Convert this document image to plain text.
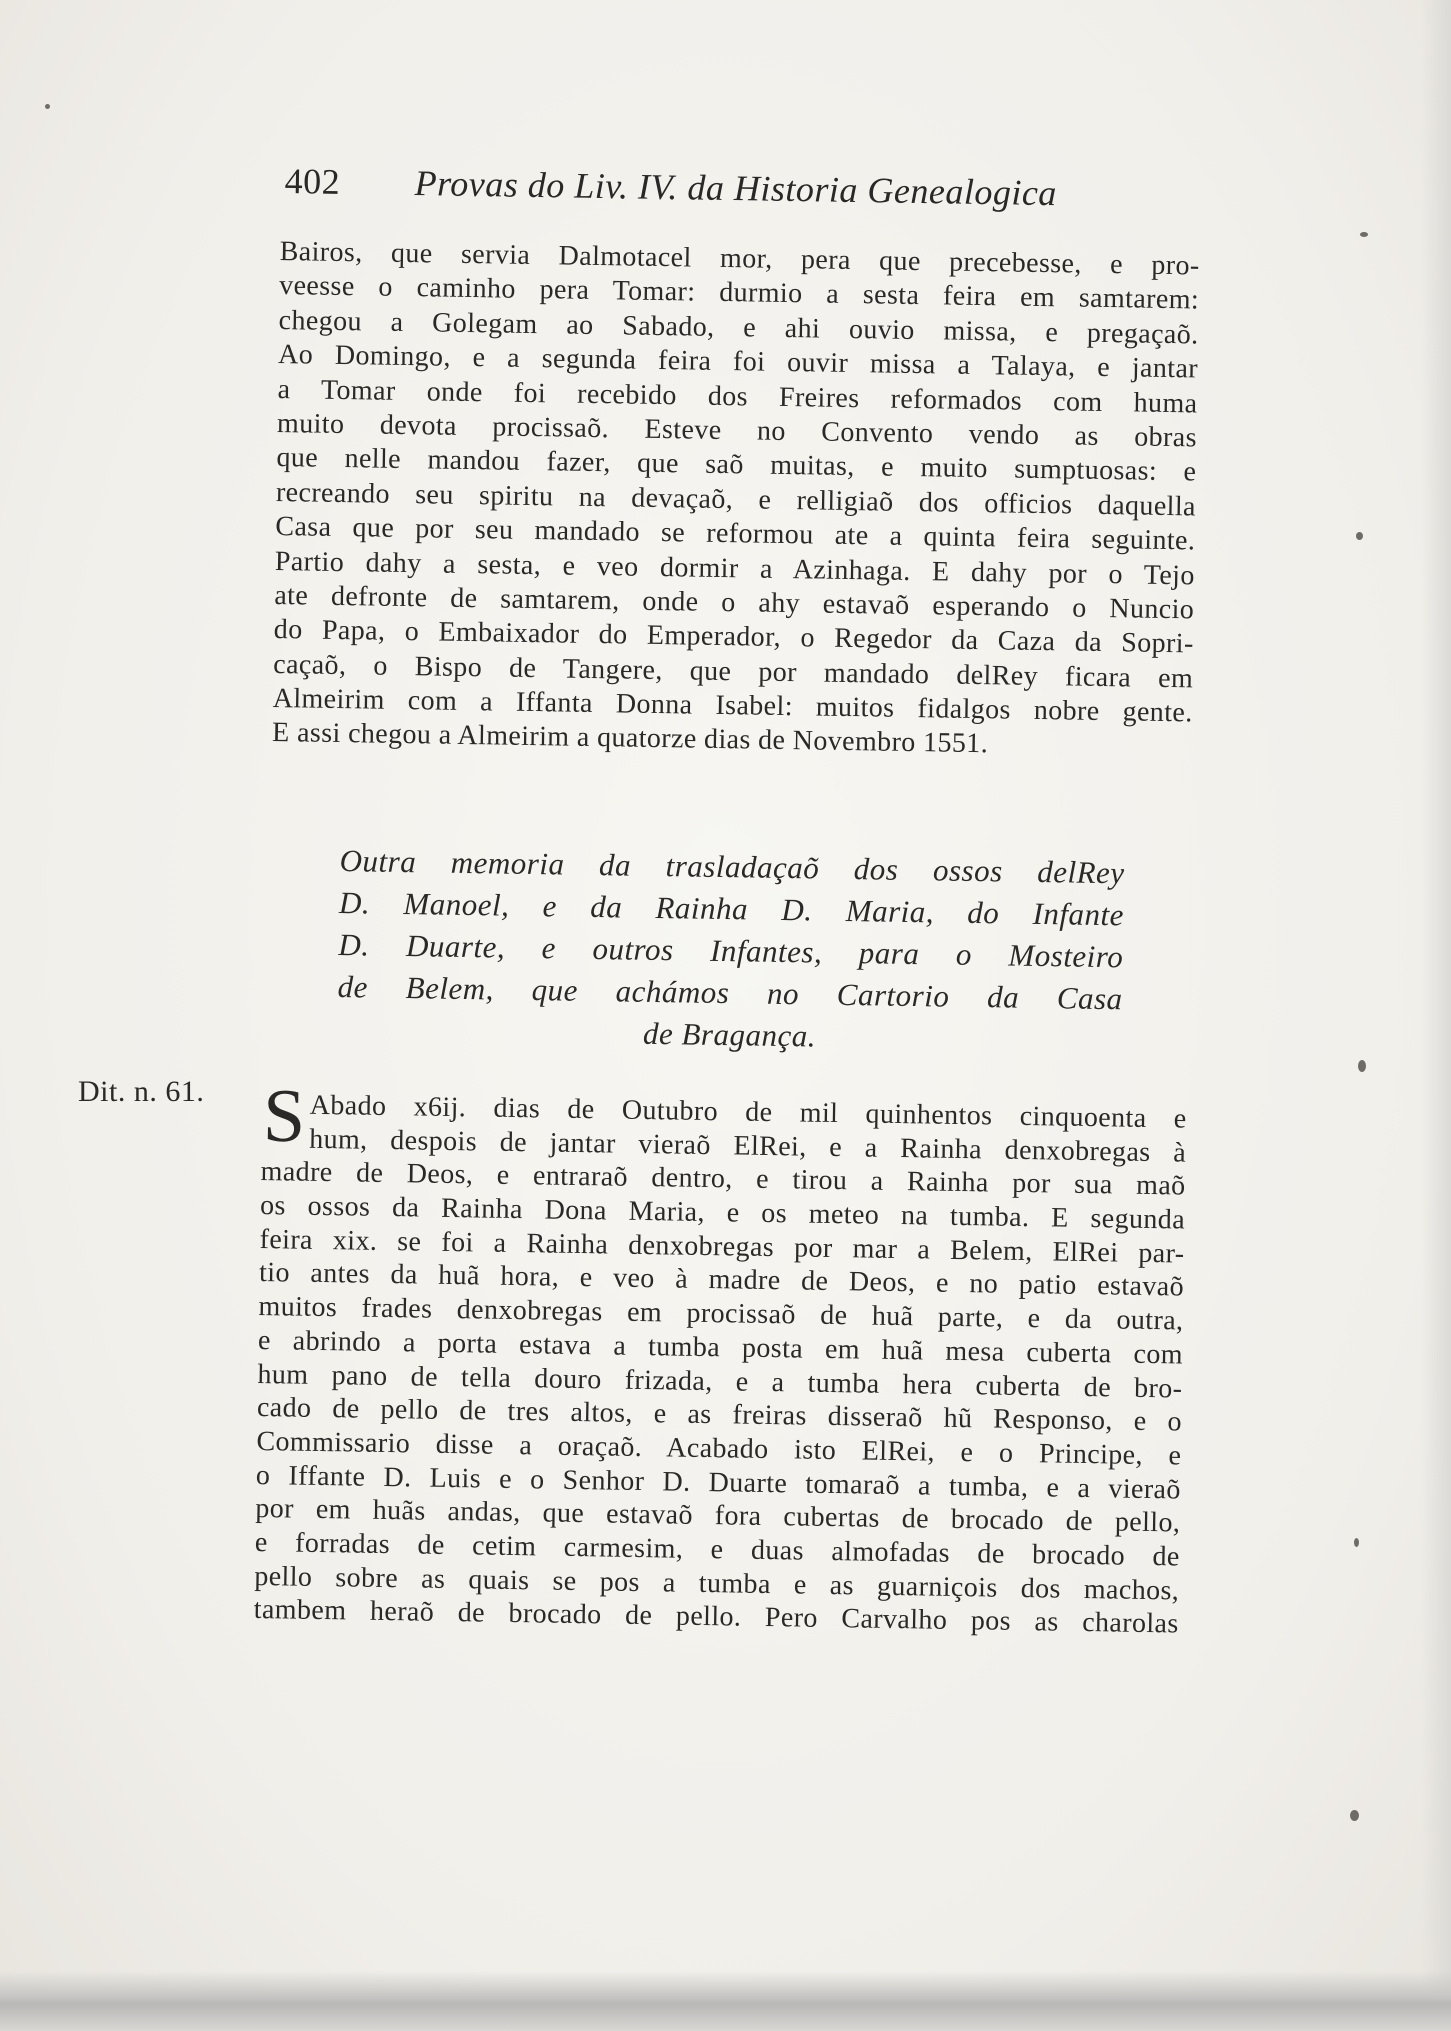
402 Provas do Liv. IV. da Historia Genealogica
Bairos, que servia Dalmotacel mor, pera que precebesse, e pro-
veesse o caminho pera Tomar: durmio a sesta feira em samtarem:
chegou a Golegam ao Sabado, e ahi ouvio missa, e pregaçaõ.
Ao Domingo, e a segunda feira foi ouvir missa a Talaya, e jantar
a Tomar onde foi recebido dos Freires reformados com huma
muito devota procissaõ. Esteve no Convento vendo as obras
que nelle mandou fazer, que saõ muitas, e muito sumptuosas: e
recreando seu spiritu na devaçaõ, e relligiaõ dos officios daquella
Casa que por seu mandado se reformou ate a quinta feira seguinte.
Partio dahy a sesta, e veo dormir a Azinhaga. E dahy por o Tejo
ate defronte de samtarem, onde o ahy estavaõ esperando o Nuncio
do Papa, o Embaixador do Emperador, o Regedor da Caza da Sopri-
caçaõ, o Bispo de Tangere, que por mandado delRey ficara em
Almeirim com a Iffanta Donna Isabel: muitos fidalgos nobre gente.
E assi chegou a Almeirim a quatorze dias de Novembro 1551.
Outra memoria da trasladaçaõ dos ossos delRey
D. Manoel, e da Rainha D. Maria, do Infante
D. Duarte, e outros Infantes, para o Mosteiro
de Belem, que achámos no Cartorio da Casa
de Bragança.
Dit. n. 61. S Abado x6ij. dias de Outubro de mil quinhentos cinquoenta e
hum, despois de jantar vieraõ ElRei, e a Rainha denxobregas à
madre de Deos, e entraraõ dentro, e tirou a Rainha por sua maõ
os ossos da Rainha Dona Maria, e os meteo na tumba. E segunda
feira xix. se foi a Rainha denxobregas por mar a Belem, ElRei par-
tio antes da huã hora, e veo à madre de Deos, e no patio estavaõ
muitos frades denxobregas em procissaõ de huã parte, e da outra,
e abrindo a porta estava a tumba posta em huã mesa cuberta com
hum pano de tella douro frizada, e a tumba hera cuberta de bro-
cado de pello de tres altos, e as freiras disseraõ hũ Responso, e o
Commissario disse a oraçaõ. Acabado isto ElRei, e o Principe, e
o Iffante D. Luis e o Senhor D. Duarte tomaraõ a tumba, e a vieraõ
por em huãs andas, que estavaõ fora cubertas de brocado de pello,
e forradas de cetim carmesim, e duas almofadas de brocado de
pello sobre as quais se pos a tumba e as guarniçois dos machos,
tambem heraõ de brocado de pello. Pero Carvalho pos as charolas
